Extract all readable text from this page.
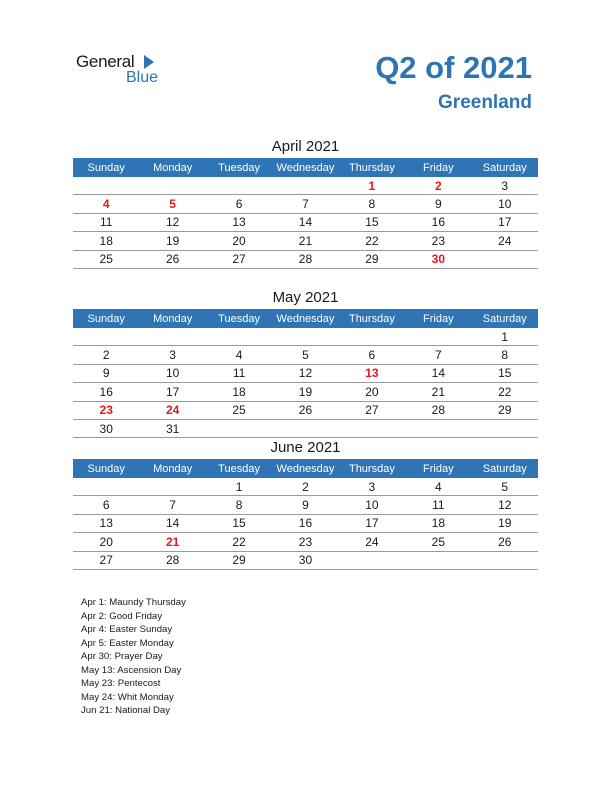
General
Blue	Q2 of 2021
Greenland
April 2021
Sunday	Monday	Tuesday	Wednesday	Thursday	Friday	Saturday
				1	2	3
4	5	6	7	8	9	10
11	12	13	14	15	16	17
18	19	20	21	22	23	24
25	26	27	28	29	30	
May 2021
Sunday	Monday	Tuesday	Wednesday	Thursday	Friday	Saturday
						1
2	3	4	5	6	7	8
9	10	11	12	13	14	15
16	17	18	19	20	21	22
23	24	25	26	27	28	29
30	31					
June 2021
Sunday	Monday	Tuesday	Wednesday	Thursday	Friday	Saturday
		1	2	3	4	5
6	7	8	9	10	11	12
13	14	15	16	17	18	19
20	21	22	23	24	25	26
27	28	29	30			
Apr 1: Maundy Thursday
Apr 2: Good Friday
Apr 4: Easter Sunday
Apr 5: Easter Monday
Apr 30: Prayer Day
May 13: Ascension Day
May 23: Pentecost
May 24: Whit Monday
Jun 21: National Day
